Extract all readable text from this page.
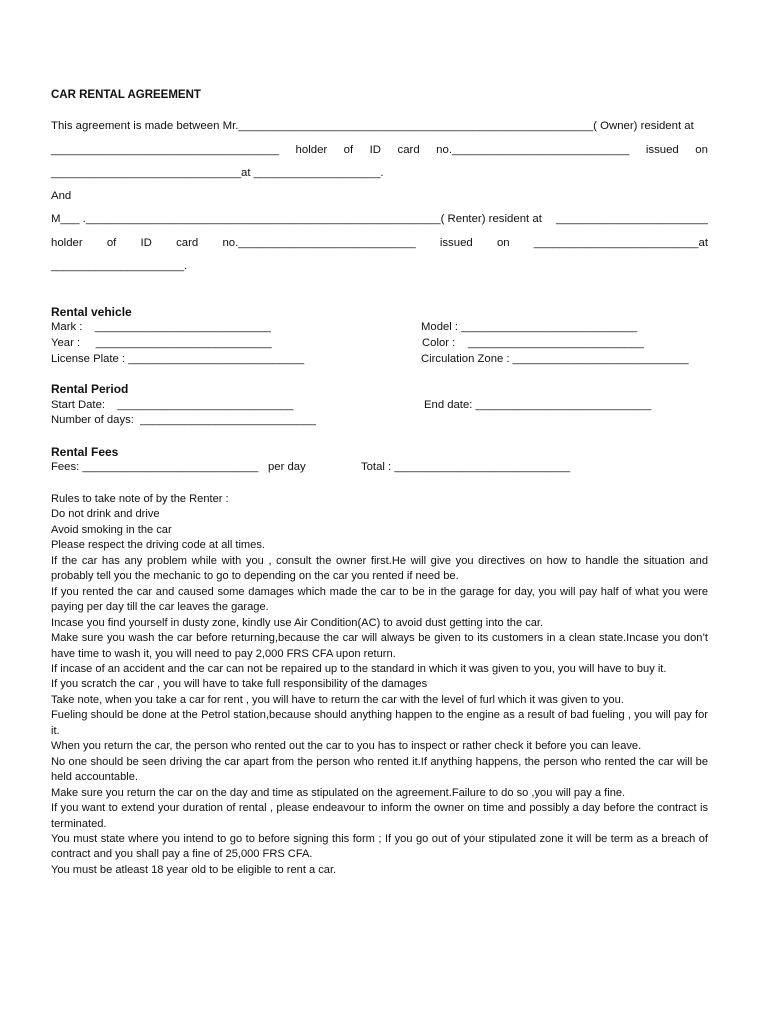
CAR RENTAL AGREEMENT
This agreement is made between Mr.________________________________________________________( Owner) resident at
____________________________________ holder of ID card no.____________________________ issued on
______________________________at ____________________.
And
M___ .________________________________________________________( Renter) resident at ________________________
holder of ID card no.____________________________ issued on __________________________at
_____________________.
Rental vehicle
Mark :    ____________________________	Model : ____________________________
Year :     ____________________________	Color :    ____________________________
License Plate : ____________________________	Circulation Zone : ____________________________
Rental Period
Start Date:    ____________________________	End date: ____________________________
Number of days:  ____________________________
Rental Fees
Fees: ____________________________ per day	Total : ____________________________
Rules to take note of by the Renter :
Do not drink and drive
Avoid smoking in the car
Please respect the driving code at all times.
If the car has any problem while with you , consult the owner first.He will give you directives on how to handle the situation and probably tell you the mechanic to go to depending on the car you rented if need be.
If you rented the car and caused some damages which made the car to be in the garage for day, you will pay half of what you were paying per day till the car leaves the garage.
Incase you find yourself in dusty zone, kindly use Air Condition(AC) to avoid dust getting into the car.
Make sure you wash the car before returning,because the car will always be given to its customers in a clean state.Incase you don’t have time to wash it, you will need to pay 2,000 FRS CFA upon return.
If incase of an accident and the car can not be repaired up to the standard in which it was given to you, you will have to buy it.
If you scratch the car , you will have to take full responsibility of the damages
Take note, when you take a car for rent , you will have to return the car with the level of furl which it was given to you.
Fueling should be done at the Petrol station,because should anything happen to the engine as a result of bad fueling , you will pay for it.
When you return the car, the person who rented out the car to you has to inspect or rather check it before you can leave.
No one should be seen driving the car apart from the person who rented it.If anything happens, the person who rented the car will be held accountable.
Make sure you return the car on the day and time as stipulated on the agreement.Failure to do so ,you will pay a fine.
If you want to extend your duration of rental , please endeavour to inform the owner on time and possibly a day before the contract is terminated.
You must state where you intend to go to before signing this form ; If you go out of your stipulated zone it will be term as a breach of contract and you shall pay a fine of 25,000 FRS CFA.
You must be atleast 18 year old to be eligible to rent a car.
